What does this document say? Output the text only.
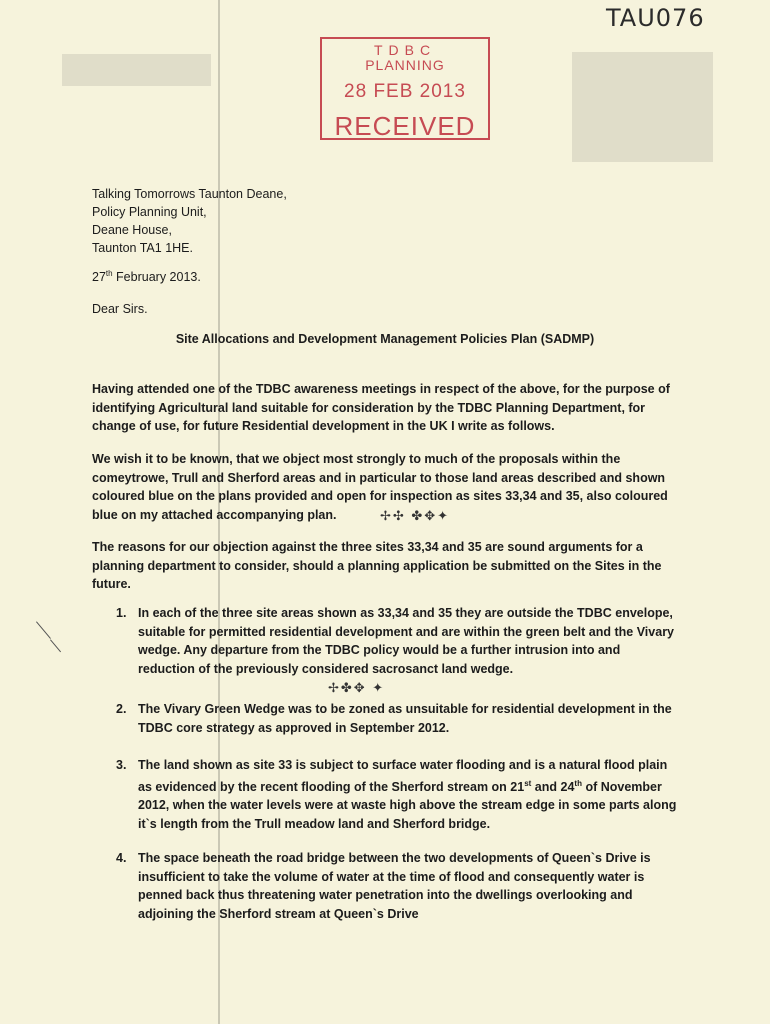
TAU076
TDBC
PLANNING
28 FEB 2013
RECEIVED
Talking Tomorrows Taunton Deane,
Policy Planning Unit,
Deane House,
Taunton TA1 1HE.
27th February 2013.
Dear Sirs.
Site Allocations and Development Management Policies Plan (SADMP)
Having attended one of the TDBC awareness meetings in respect of the above, for the purpose of identifying Agricultural land suitable for consideration by the TDBC Planning Department, for change of use, for future Residential development in the UK I write as follows.
We wish it to be known, that we object most strongly to much of the proposals within the comeytrowe, Trull and Sherford areas and in particular to those land areas described and shown coloured blue on the plans provided and open for inspection as sites 33,34 and 35, also coloured blue on my attached accompanying plan.	✢✣ ✤✥✦
The reasons for our objection against the three sites 33,34 and 35 are sound arguments for a planning department to consider, should a planning application be submitted on the Sites in the future.
1. In each of the three site areas shown as 33,34 and 35 they are outside the TDBC envelope, suitable for permitted residential development and are within the green belt and the Vivary wedge. Any departure from the TDBC policy would be a further intrusion into and reduction of the previously considered sacrosanct land wedge.
2. The Vivary Green Wedge was to be zoned as unsuitable for residential development in the TDBC core strategy as approved in September 2012.
3. The land shown as site 33 is subject to surface water flooding and is a natural flood plain as evidenced by the recent flooding of the Sherford stream on 21st and 24th of November 2012, when the water levels were at waste high above the stream edge in some parts along it`s length from the Trull meadow land and Sherford bridge.
4. The space beneath the road bridge between the two developments of Queen`s Drive is insufficient to take the volume of water at the time of flood and consequently water is penned back thus threatening water penetration into the dwellings overlooking and adjoining the Sherford stream at Queen`s Drive
✢✤✥ ✦
